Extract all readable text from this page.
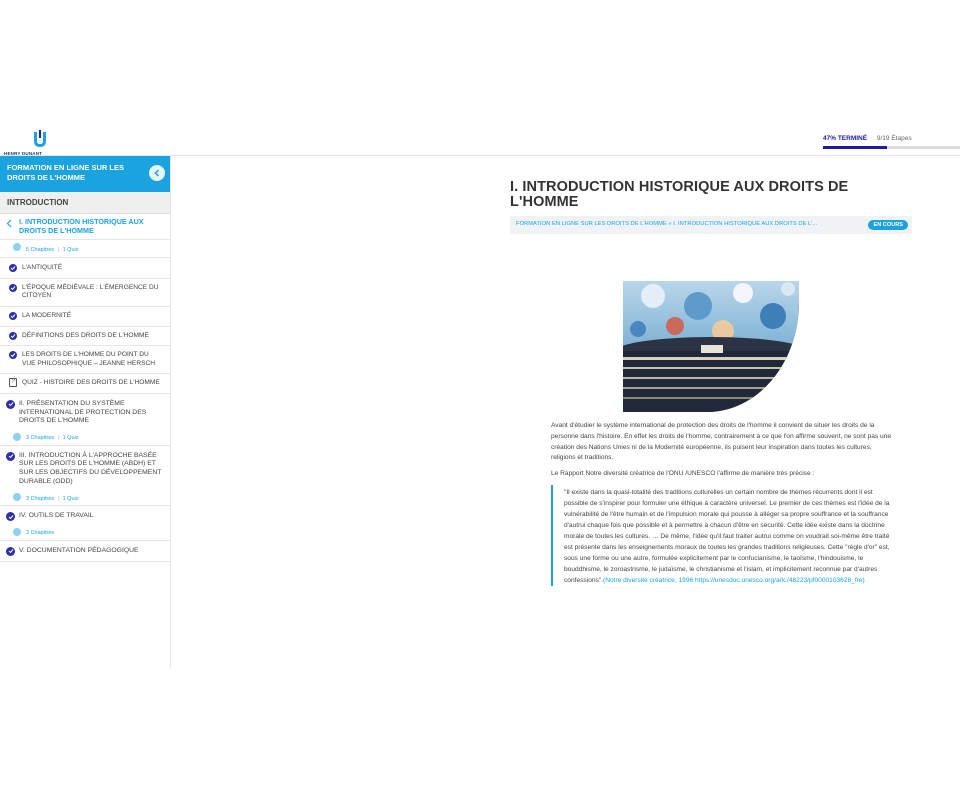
HENRY DUNANT
47% TERMINÉ 9/19 Étapes
FORMATION EN LIGNE SUR LES DROITS DE L'HOMME
INTRODUCTION
I. INTRODUCTION HISTORIQUE AUX DROITS DE L'HOMME
5 Chapitres | 1 Quiz
L'ANTIQUITÉ
L'ÉPOQUE MÉDIÉVALE : L'ÉMERGENCE DU CITOYEN
LA MODERNITÉ
DÉFINITIONS DES DROITS DE L'HOMME
LES DROITS DE L'HOMME DU POINT DU VUE PHILOSOPHIQUE – JEANNE HERSCH
?	QUIZ - HISTOIRE DES DROITS DE L'HOMME
II. PRÉSENTATION DU SYSTÈME INTERNATIONAL DE PROTECTION DES DROITS DE L'HOMME
3 Chapitres | 1 Quiz
III. INTRODUCTION À L'APPROCHE BASÉE SUR LES DROITS DE L'HOMME (ABDH) ET SUR LES OBJECTIFS DU DÉVELOPPEMENT DURABLE (ODD)
3 Chapitres | 1 Quiz
IV. OUTILS DE TRAVAIL
3 Chapitres
V. DOCUMENTATION PÉDAGOGIQUE
I. INTRODUCTION HISTORIQUE AUX DROITS DE L'HOMME
FORMATION EN LIGNE SUR LES DROITS DE L'HOMME » I. INTRODUCTION HISTORIQUE AUX DROITS DE L'...	EN COURS

Avant d'étudier le système international de protection des droits de l'homme il convient de situer les droits de la personne dans l'histoire. En effet les droits de l'homme, contrairement à ce que l'on affirme souvent, ne sont pas une création des Nations Unies ni de la Modernité européenne, ils puisent leur inspiration dans toutes les cultures, religions et traditions.

Le Rapport Notre diversité créatrice de l'ONU /UNESCO l'affirme de manière très précise :

"Il existe dans la quasi-totalité des traditions culturelles un certain nombre de thèmes récurrents dont il est possible de s'inspirer pour formuler une éthique à caractère universel. Le premier de ces thèmes est l'idée de la vulnérabilité de l'être humain et de l'impulsion morale qui pousse à alléger sa propre souffrance et la souffrance d'autrui chaque fois que possible et à permettre à chacun d'être en sécurité. Cette idée existe dans la doctrine morale de toutes les cultures. … De même, l'idée qu'il faut traiter autrui comme on voudrait soi-même être traité est présente dans les enseignements moraux de toutes les grandes traditions religieuses. Cette "règle d'or" est, sous une forme ou une autre, formulée explicitement par le confucianisme, le taoïsme, l'hindouisme, le bouddhisme, le zoroastrisme, le judaïsme, le christianisme et l'islam, et implicitement reconnue par d'autres confessions".(Notre diversité créatrice, 1996 https://unesdoc.unesco.org/ark:/48223/pf0000103628_fre)
